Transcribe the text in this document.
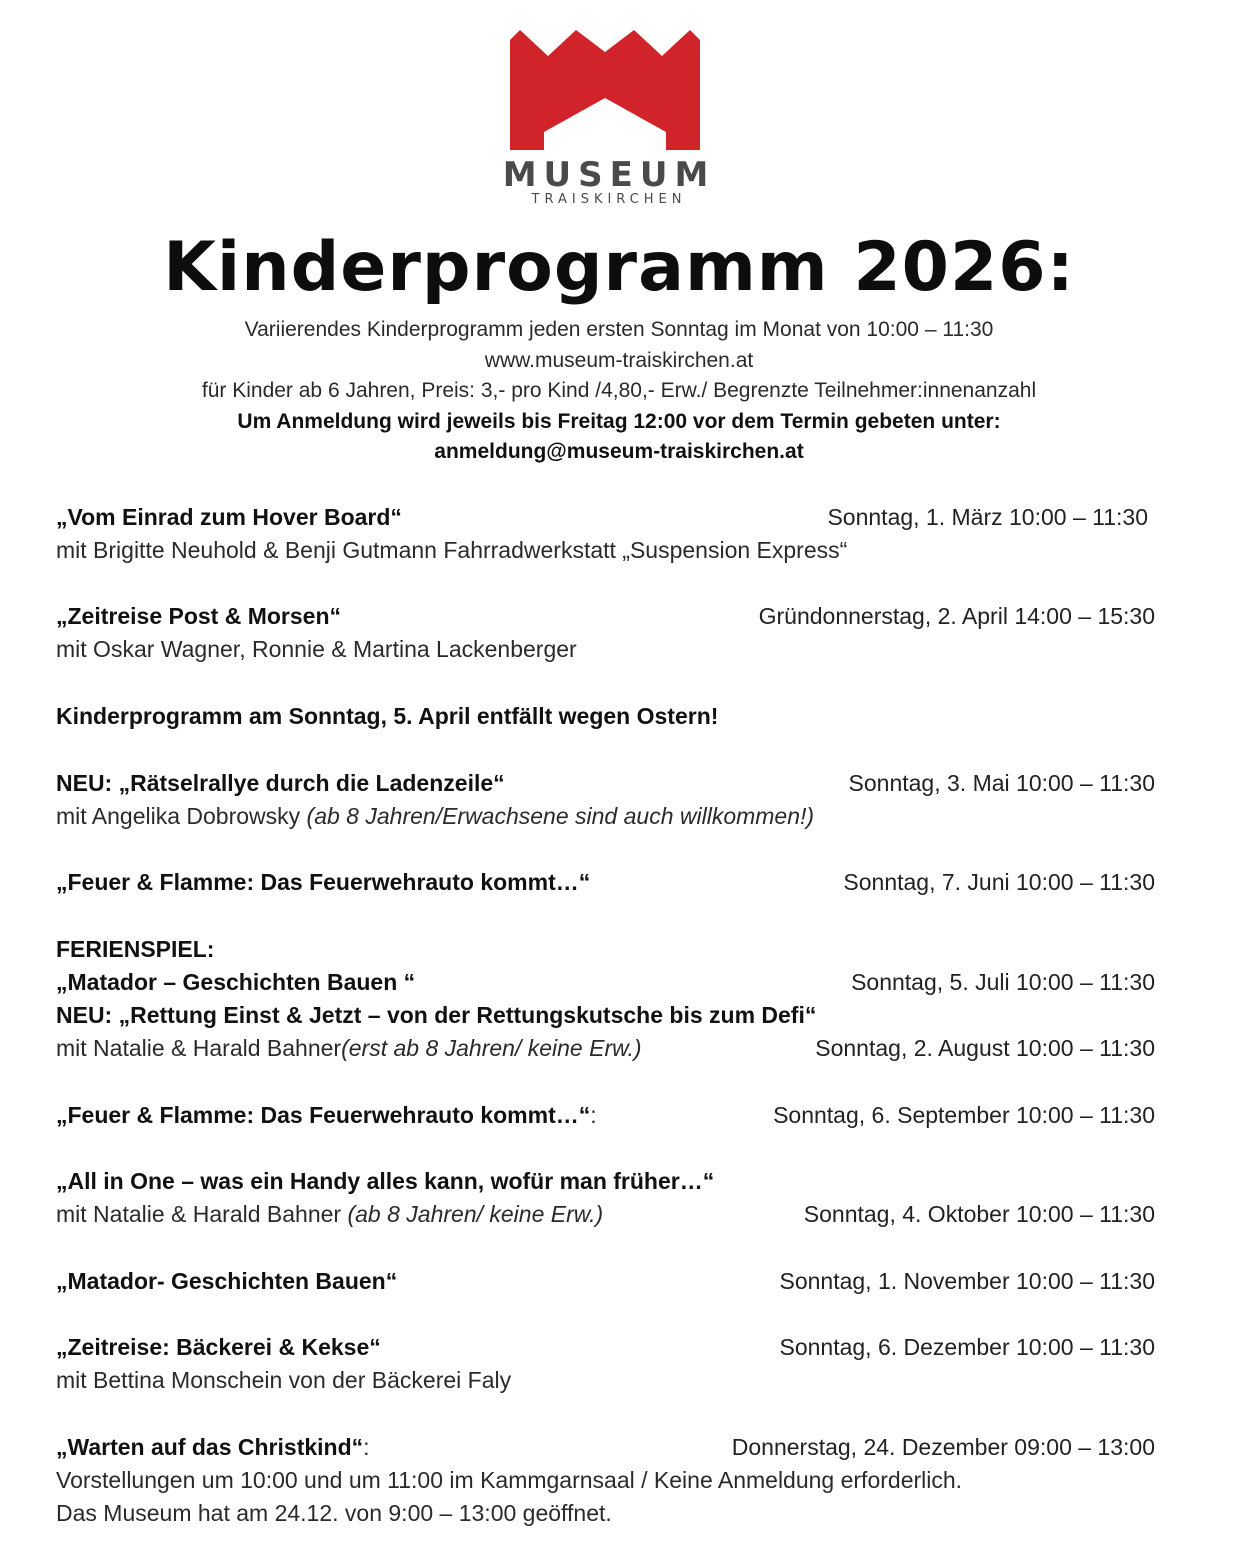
MUSEUM
TRAISKIRCHEN
Kinderprogramm 2026:
Variierendes Kinderprogramm jeden ersten Sonntag im Monat von 10:00 – 11:30
www.museum-traiskirchen.at
für Kinder ab 6 Jahren, Preis: 3,- pro Kind /4,80,- Erw./ Begrenzte Teilnehmer:innenanzahl
Um Anmeldung wird jeweils bis Freitag 12:00 vor dem Termin gebeten unter:
anmeldung@museum-traiskirchen.at
„Vom Einrad zum Hover Board“	Sonntag, 1. März 10:00 – 11:30
mit Brigitte Neuhold & Benji Gutmann Fahrradwerkstatt „Suspension Express“
„Zeitreise Post & Morsen“	Gründonnerstag, 2. April 14:00 – 15:30
mit Oskar Wagner, Ronnie & Martina Lackenberger
Kinderprogramm am Sonntag, 5. April entfällt wegen Ostern!
NEU: „Rätselrallye durch die Ladenzeile“	Sonntag, 3. Mai 10:00 – 11:30
mit Angelika Dobrowsky (ab 8 Jahren/Erwachsene sind auch willkommen!)
„Feuer & Flamme: Das Feuerwehrauto kommt…“	Sonntag, 7. Juni 10:00 – 11:30
FERIENSPIEL:
„Matador – Geschichten Bauen “	Sonntag, 5. Juli 10:00 – 11:30
NEU: „Rettung Einst & Jetzt – von der Rettungskutsche bis zum Defi“
mit Natalie & Harald Bahner(erst ab 8 Jahren/ keine Erw.)	Sonntag, 2. August 10:00 – 11:30
„Feuer & Flamme: Das Feuerwehrauto kommt…“:	Sonntag, 6. September 10:00 – 11:30
„All in One – was ein Handy alles kann, wofür man früher…“
mit Natalie & Harald Bahner (ab 8 Jahren/ keine Erw.)	Sonntag, 4. Oktober 10:00 – 11:30
„Matador- Geschichten Bauen“	Sonntag, 1. November 10:00 – 11:30
„Zeitreise: Bäckerei & Kekse“	Sonntag, 6. Dezember 10:00 – 11:30
mit Bettina Monschein von der Bäckerei Faly
„Warten auf das Christkind“:	Donnerstag, 24. Dezember 09:00 – 13:00
Vorstellungen um 10:00 und um 11:00 im Kammgarnsaal / Keine Anmeldung erforderlich.
Das Museum hat am 24.12. von 9:00 – 13:00 geöffnet.
